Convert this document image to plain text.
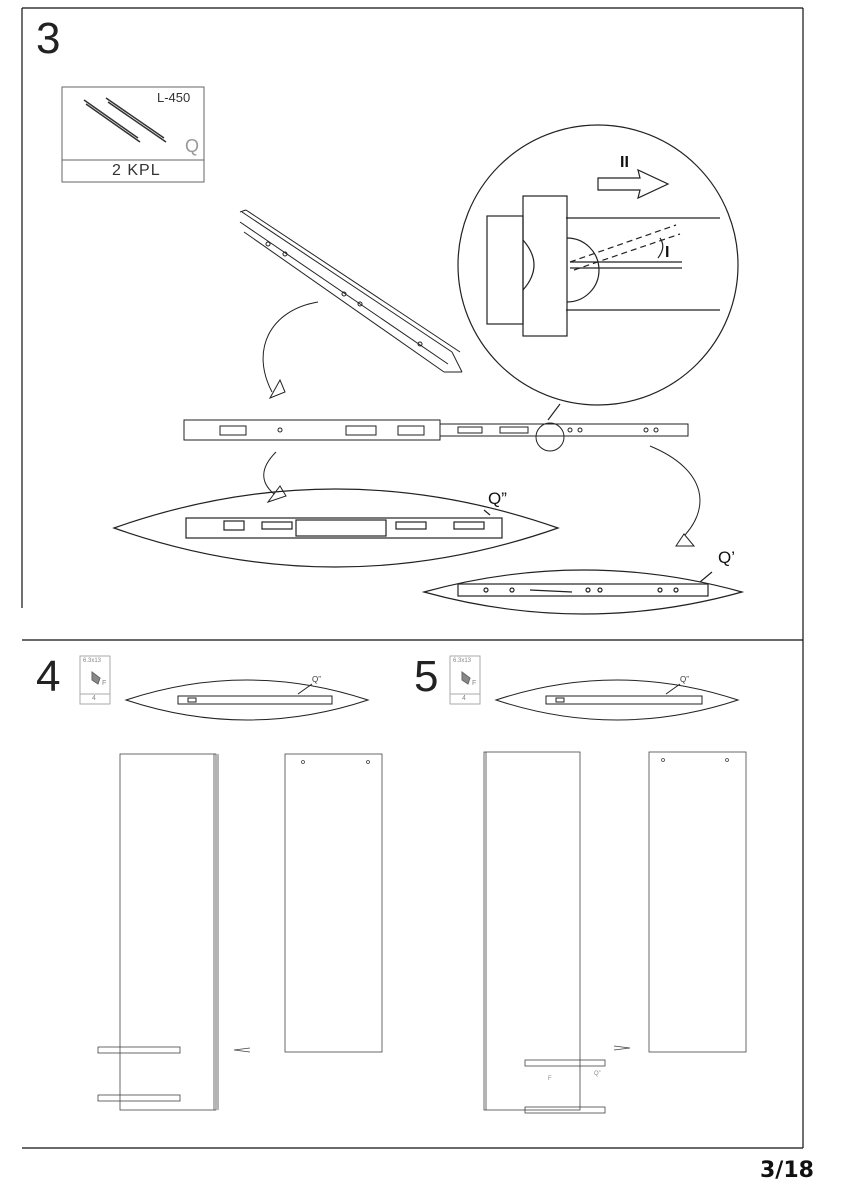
3
4	5
L-450
Q
2 KPL
Q”
Q’
II
I
6.3x13
F
4
Q”
6.3x13
F
4
Q”
F
Q”
3/18
